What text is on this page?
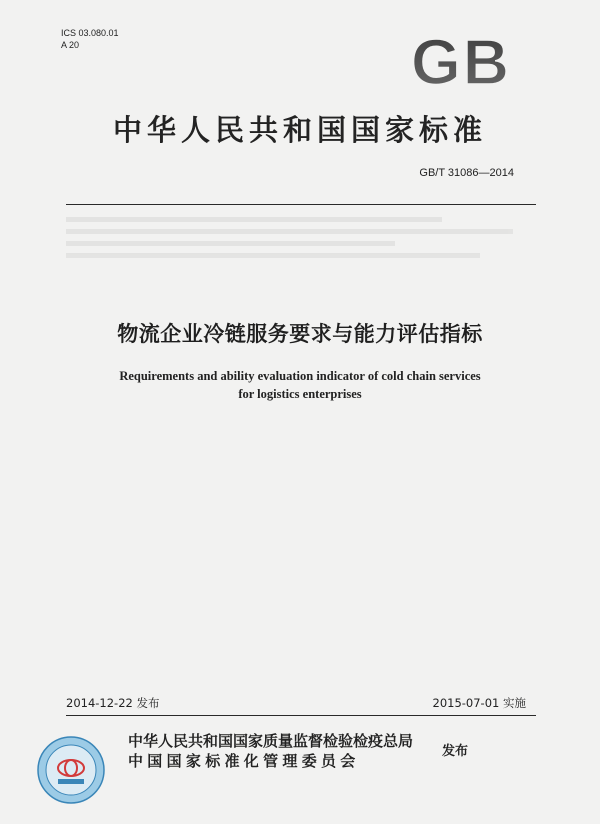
ICS 03.080.01
A 20	GB
中华人民共和国国家标准
GB/T 31086—2014
物流企业冷链服务要求与能力评估指标
Requirements and ability evaluation indicator of cold chain services
for logistics enterprises
2014-12-22 发布	2015-07-01 实施
中华人民共和国国家质量监督检验检疫总局
中国国家标准化管理委员会
发布
